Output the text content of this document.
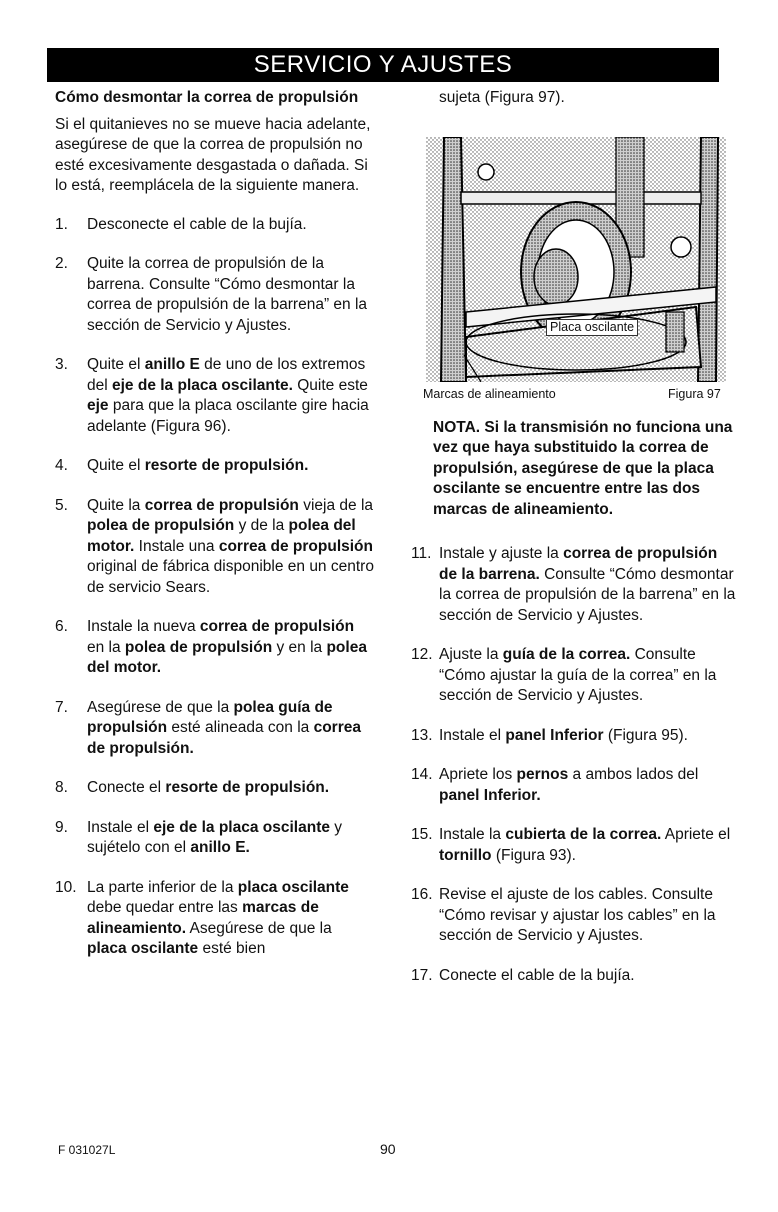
SERVICIO Y AJUSTES
Cómo desmontar la correa de propulsión

Si el quitanieves no se mueve hacia adelante, asegúrese de que la correa de propulsión no esté excesivamente desgastada o dañada. Si lo está, reemplácela de la siguiente manera.

1.	Desconecte el cable de la bujía.
2.	Quite la correa de propulsión de la barrena. Consulte “Cómo desmontar la correa de propulsión de la barrena” en la sección de Servicio y Ajustes.
3.	Quite el anillo E de uno de los extremos del eje de la placa oscilante. Quite este eje para que la placa oscilante gire hacia adelante (Figura 96).
4.	Quite el resorte de propulsión.
5.	Quite la correa de propulsión vieja de la polea de propulsión y de la polea del motor. Instale una correa de propulsión original de fábrica disponible en un centro de servicio Sears.
6.	Instale la nueva correa de propulsión en la polea de propulsión y en la polea del motor.
7.	Asegúrese de que la polea guía de propulsión esté alineada con la correa de propulsión.
8.	Conecte el resorte de propulsión.
9.	Instale el eje de la placa oscilante y sujételo con el anillo E.
10. La parte inferior de la placa oscilante debe quedar entre las marcas de alineamiento. Asegúrese de que la placa oscilante esté bien
sujeta (Figura 97).
Placa oscilante
Marcas de alineamiento	Figura 97
NOTA. Si la transmisión no funciona una vez que haya substituido la correa de propulsión, asegúrese de que la placa oscilante se encuentre entre las dos marcas de alineamiento.
11. Instale y ajuste la correa de propulsión de la barrena. Consulte “Cómo desmontar la correa de propulsión de la barrena” en la sección de Servicio y Ajustes.
12. Ajuste la guía de la correa. Consulte “Cómo ajustar la guía de la correa” en la sección de Servicio y Ajustes.
13. Instale el panel Inferior (Figura 95).
14. Apriete los pernos a ambos lados del panel Inferior.
15. Instale la cubierta de la correa. Apriete el tornillo (Figura 93).
16. Revise el ajuste de los cables. Consulte “Cómo revisar y ajustar los cables” en la sección de Servicio y Ajustes.
17. Conecte el cable de la bujía.
F 031027L	90
